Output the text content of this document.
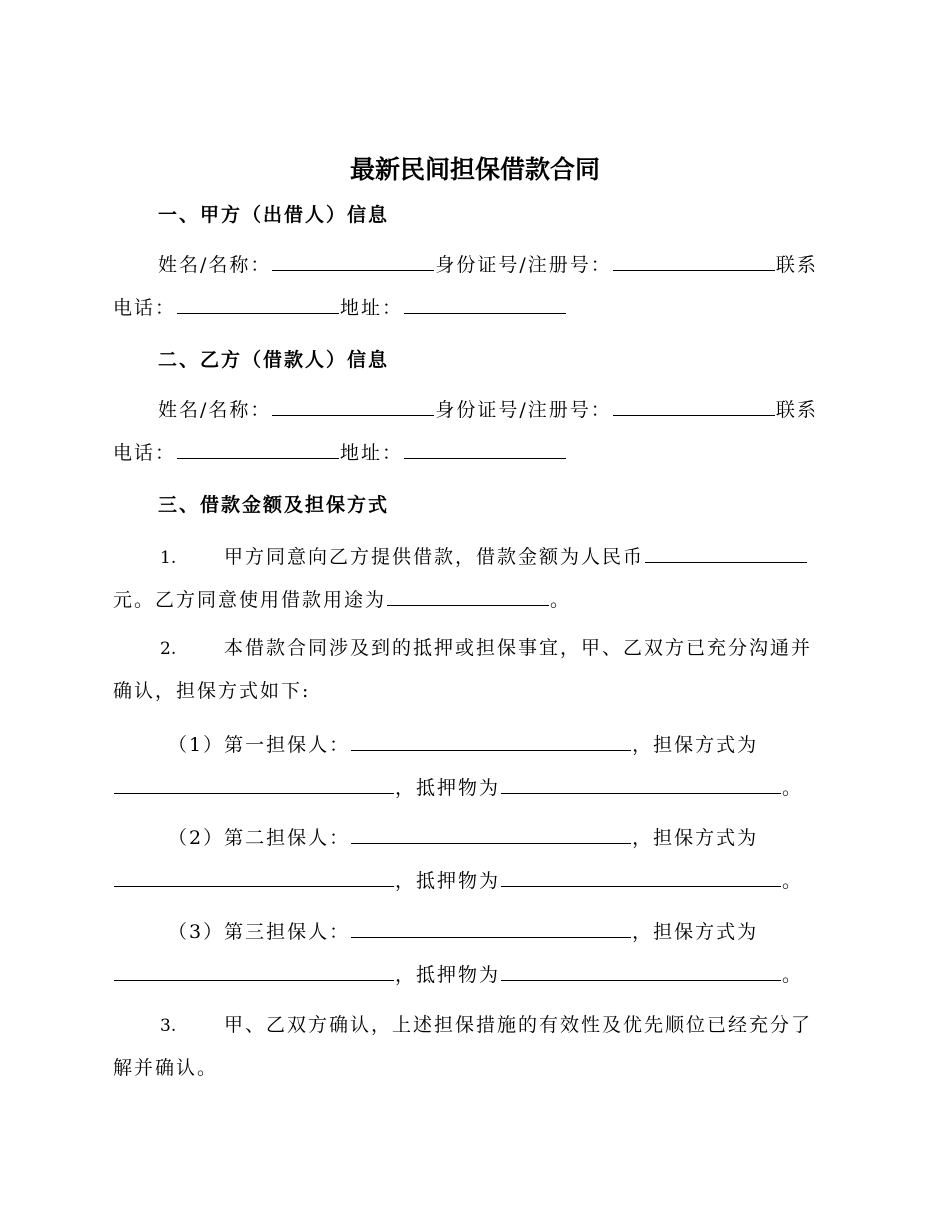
最新民间担保借款合同
一、甲方（出借人）信息
姓名/名称：	身份证号/注册号：	联系
电话：	地址：
二、乙方（借款人）信息
姓名/名称：	身份证号/注册号：	联系
电话：	地址：
三、借款金额及担保方式
1.	甲方同意向乙方提供借款，借款金额为人民币
元。乙方同意使用借款用途为	。
2.	本借款合同涉及到的抵押或担保事宜，甲、乙双方已充分沟通并
确认，担保方式如下:
（1）第一担保人：	，担保方式为
，抵押物为	。
（2）第二担保人：	，担保方式为
，抵押物为	。
（3）第三担保人：	，担保方式为
，抵押物为	。
3.	甲、乙双方确认，上述担保措施的有效性及优先顺位已经充分了
解并确认。
